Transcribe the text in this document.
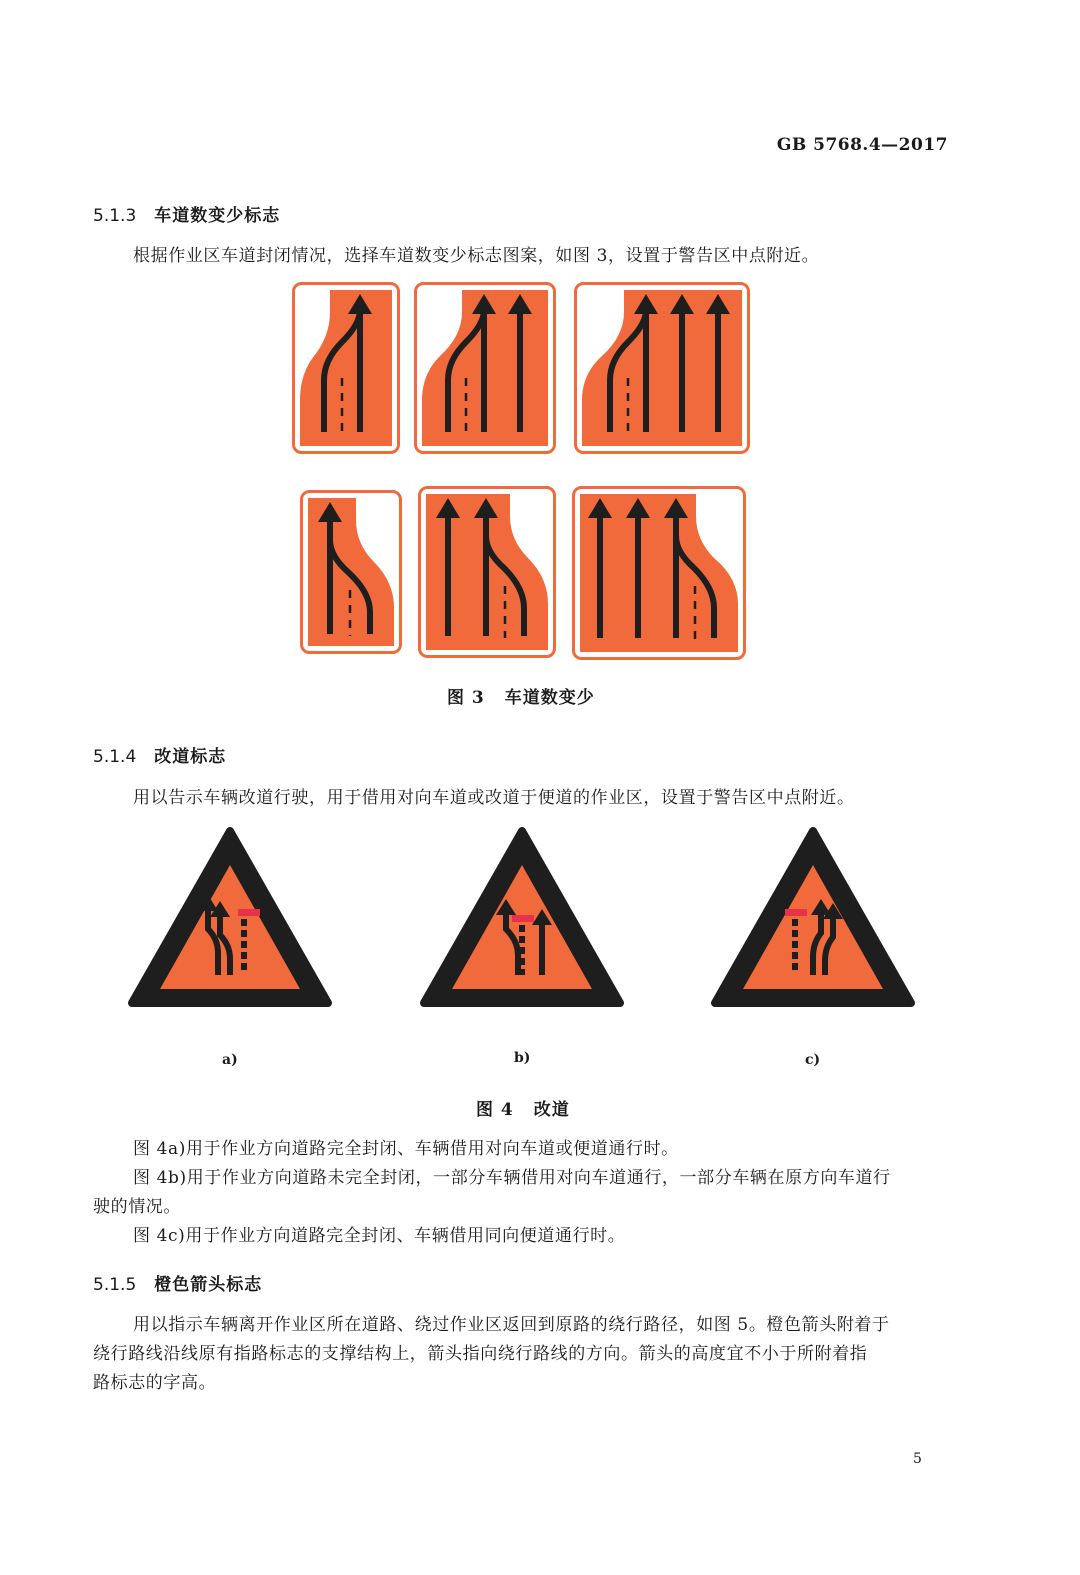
GB 5768.4—2017
5.1.3 车道数变少标志
根据作业区车道封闭情况，选择车道数变少标志图案，如图 3，设置于警告区中点附近。
图 3 车道数变少
5.1.4 改道标志
用以告示车辆改道行驶，用于借用对向车道或改道于便道的作业区，设置于警告区中点附近。
a)	b)	c)
图 4 改道
图 4a)用于作业方向道路完全封闭、车辆借用对向车道或便道通行时。
图 4b)用于作业方向道路未完全封闭，一部分车辆借用对向车道通行，一部分车辆在原方向车道行
驶的情况。
图 4c)用于作业方向道路完全封闭、车辆借用同向便道通行时。
5.1.5 橙色箭头标志
用以指示车辆离开作业区所在道路、绕过作业区返回到原路的绕行路径，如图 5。橙色箭头附着于
绕行路线沿线原有指路标志的支撑结构上，箭头指向绕行路线的方向。箭头的高度宜不小于所附着指
路标志的字高。
5
